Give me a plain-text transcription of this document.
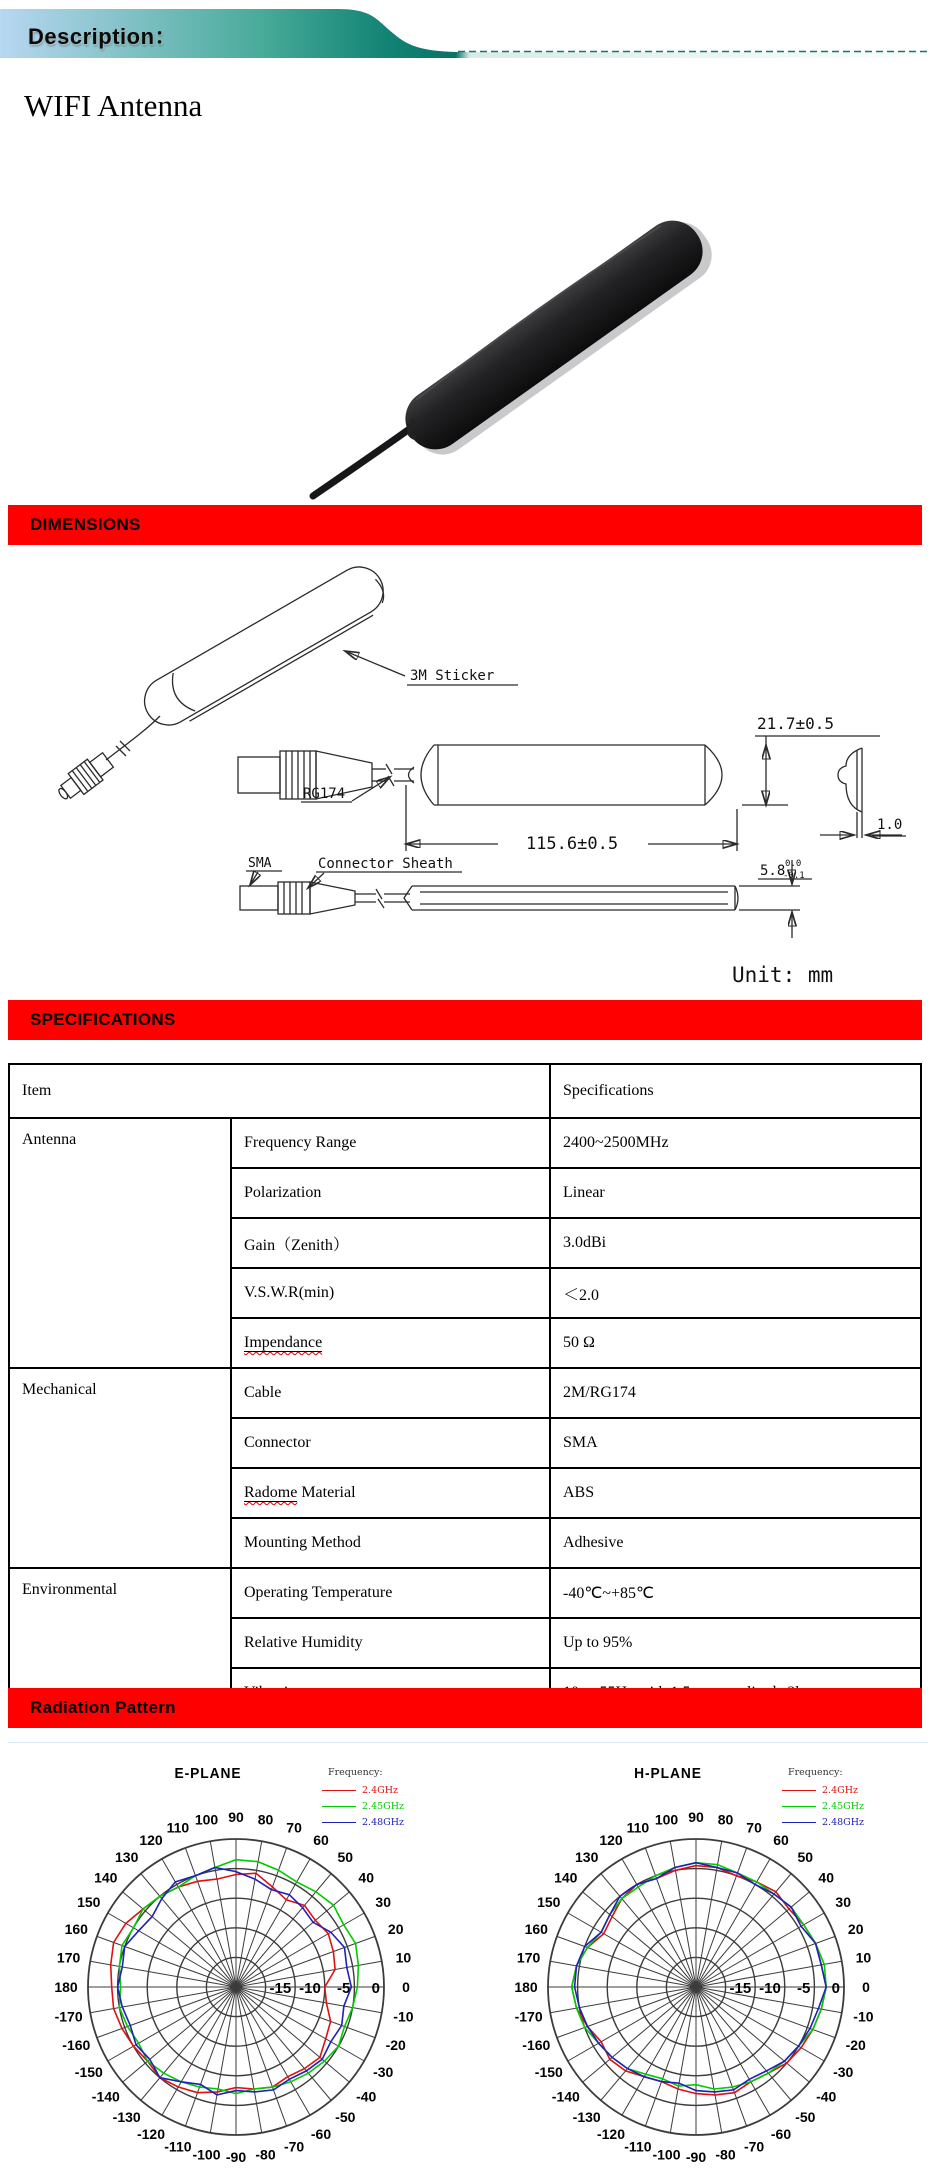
Description：
WIFI Antenna
DIMENSIONS
3M Sticker
RG174
115.6±0.5
21.7±0.5
1.0
SMA	Connector Sheath	5.8 0.0
-0.1
Unit: mm
SPECIFICATIONS
Item		Specifications
Antenna	Frequency Range	2400~2500MHz
	Polarization	Linear
	Gain（Zenith）	3.0dBi
	V.S.W.R(min)	＜2.0
	Impendance	50 Ω
Mechanical	Cable	2M/RG174
	Connector	SMA
	Radome Material	ABS
	Mounting Method	Adhesive
Environmental	Operating Temperature	-40℃~+85℃
	Relative Humidity	Up to 95%

Radiation Pattern
E-PLANE	Frequency:
2.4GHz
2.45GHz
2.48GHz
0
10
20
30
40
50
60
70
80
90
100
110
120
130
140
150
160
170
180
-170
-160
-150
-140
-130
-120
-110 -100 -90 -80 -70
-60
-50
-40
-30
-20
-10
-15 -10 -5 0
H-PLANE	Frequency:
2.4GHz
2.45GHz
2.48GHz
0
10
20
30
40
50
60
70
80
90
100
110
120
130
140
150
160
170
180
-170
-160
-150
-140
-130
-120
-110 -100 -90 -80 -70
-60
-50
-40
-30
-20
-10
-15 -10 -5 0
